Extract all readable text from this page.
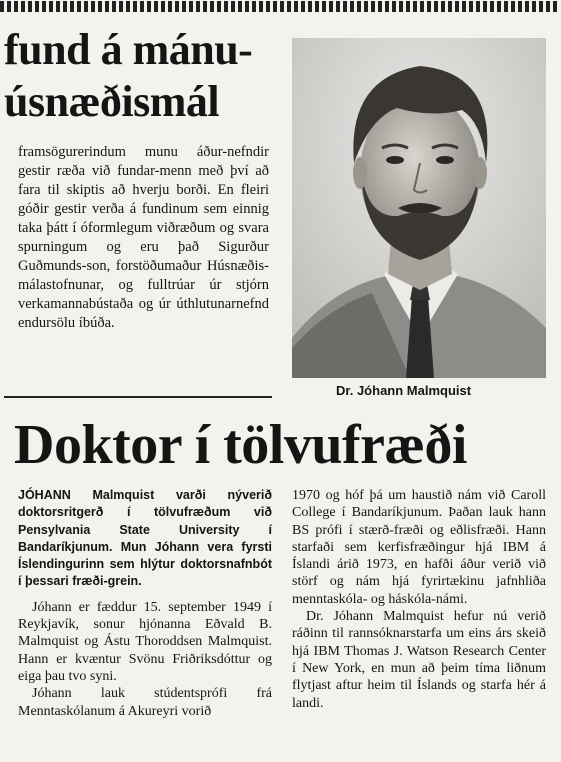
fund á mánu-
úsnæðismál

framsögurerindum munu áður-nefndir gestir ræða við fundar-menn með því að fara til skiptis að hverju borði. En fleiri góðir gestir verða á fundinum sem einnig taka þátt í óformlegum viðræðum og svara spurningum og eru það Sigurður Guðmunds-son, forstöðumaður Húsnæðis-málastofnunar, og fulltrúar úr stjórn verkamannabústaða og úr úthlutunarnefnd endursölu íbúða.

Dr. Jóhann Malmquist
Doktor í tölvufræði

JÓHANN Malmquist varði nýverið doktorsritgerð í tölvufræðum við Pensylvania State University í Bandaríkjunum. Mun Jóhann vera fyrsti Íslendingurinn sem hlýtur doktorsnafnbót í þessari fræði-grein.

Jóhann er fæddur 15. september 1949 í Reykjavík, sonur hjónanna Eðvald B. Malmquist og Ástu Thoroddsen Malmquist. Hann er kvæntur Svönu Friðriksdóttur og eiga þau tvo syni.

Jóhann lauk stúdentsprófi frá Menntaskólanum á Akureyri vorið

1970 og hóf þá um haustið nám við Caroll College í Bandaríkjunum. Þaðan lauk hann BS prófi í stærð-fræði og eðlisfræði. Hann starfaði sem kerfisfræðingur hjá IBM á Íslandi árið 1973, en hafði áður verið við störf og nám hjá fyrirtækinu jafnhliða menntaskóla- og háskóla-námi.

Dr. Jóhann Malmquist hefur nú verið ráðinn til rannsóknarstarfa um eins árs skeið hjá IBM Thomas J. Watson Research Center í New York, en mun að þeim tíma liðnum flytjast aftur heim til Íslands og starfa hér á landi.
